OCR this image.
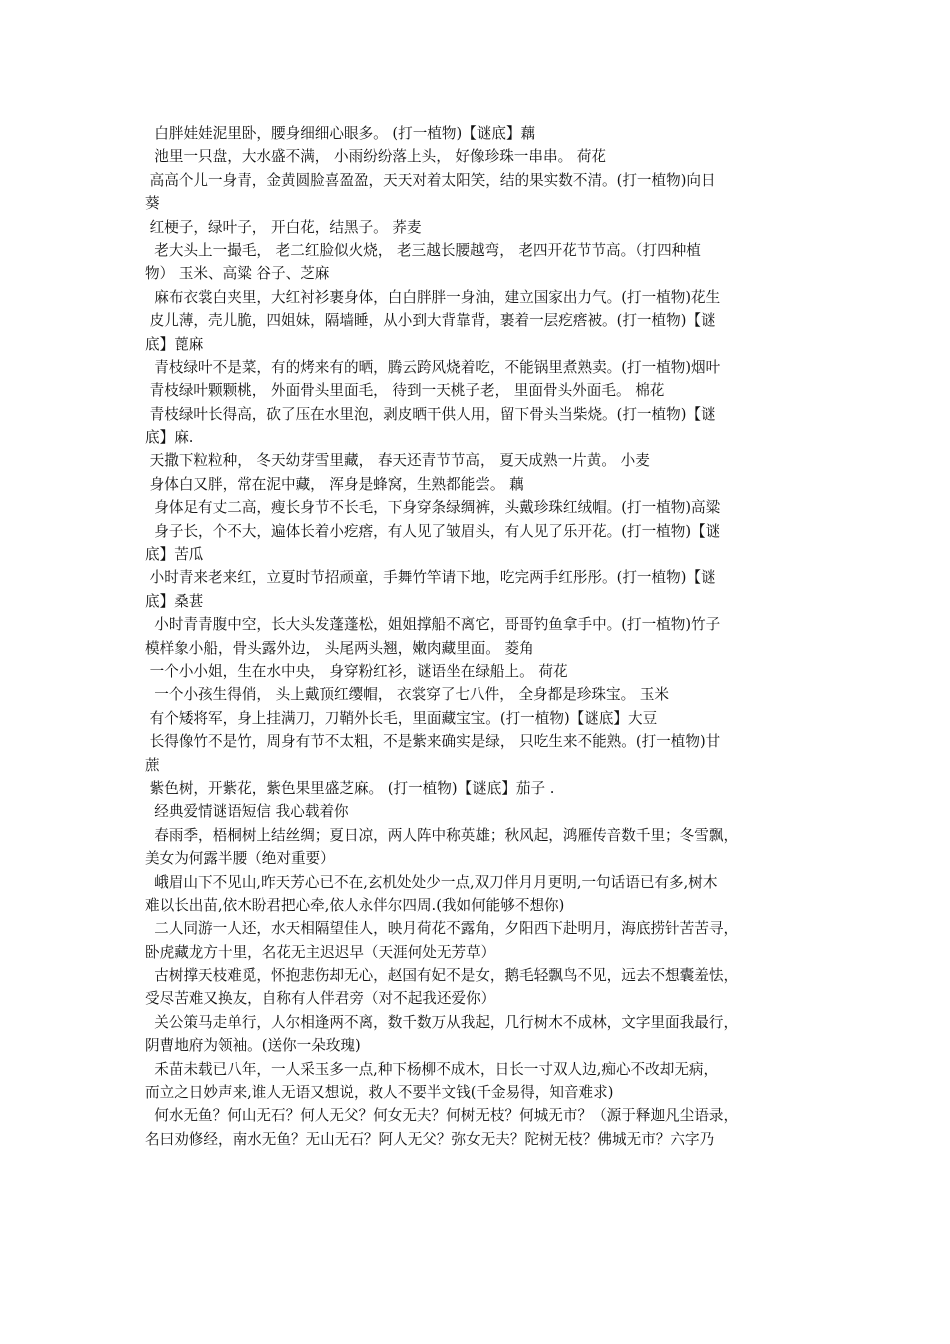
白胖娃娃泥里卧，腰身细细心眼多。 (打一植物)【谜底】藕
池里一只盘，大水盛不满， 小雨纷纷落上头， 好像珍珠一串串。 荷花
高高个儿一身青，金黄圆脸喜盈盈，天天对着太阳笑，结的果实数不清。(打一植物)向日
葵
红梗子，绿叶子， 开白花，结黑子。 荞麦
老大头上一撮毛， 老二红脸似火烧， 老三越长腰越弯， 老四开花节节高。（打四种植
物） 玉米、高粱 谷子、芝麻
麻布衣裳白夹里，大红衬衫裹身体，白白胖胖一身油，建立国家出力气。(打一植物)花生
皮儿薄，壳儿脆，四姐妹，隔墙睡，从小到大背靠背，裹着一层疙瘩被。(打一植物)【谜
底】蓖麻
青枝绿叶不是菜，有的烤来有的晒，腾云跨风烧着吃，不能锅里煮熟卖。(打一植物)烟叶
青枝绿叶颗颗桃， 外面骨头里面毛， 待到一天桃子老， 里面骨头外面毛。 棉花
青枝绿叶长得高，砍了压在水里泡，剥皮晒干供人用，留下骨头当柴烧。(打一植物)【谜
底】麻.
天撒下粒粒种， 冬天幼芽雪里藏， 春天还青节节高， 夏天成熟一片黄。 小麦
身体白又胖，常在泥中藏， 浑身是蜂窝，生熟都能尝。 藕
身体足有丈二高，瘦长身节不长毛，下身穿条绿绸裤，头戴珍珠红绒帽。(打一植物)高粱
身子长，个不大，遍体长着小疙瘩，有人见了皱眉头，有人见了乐开花。(打一植物)【谜
底】苦瓜
小时青来老来红，立夏时节招顽童，手舞竹竿请下地，吃完两手红彤彤。(打一植物)【谜
底】桑葚
小时青青腹中空，长大头发蓬蓬松，姐姐撑船不离它，哥哥钓鱼拿手中。(打一植物)竹子
模样象小船，骨头露外边， 头尾两头翘，嫩肉藏里面。 菱角
一个小小姐，生在水中央， 身穿粉红衫，谜语坐在绿船上。 荷花
一个小孩生得俏， 头上戴顶红缨帽， 衣裳穿了七八件， 全身都是珍珠宝。 玉米
有个矮将军，身上挂满刀，刀鞘外长毛，里面藏宝宝。(打一植物)【谜底】大豆
长得像竹不是竹，周身有节不太粗，不是紫来确实是绿， 只吃生来不能熟。(打一植物)甘
蔗
紫色树，开紫花，紫色果里盛芝麻。 (打一植物)【谜底】茄子 .
经典爱情谜语短信 我心载着你
春雨季，梧桐树上结丝绸；夏日凉，两人阵中称英雄；秋风起，鸿雁传音数千里；冬雪飘，
美女为何露半腰（绝对重要）
峨眉山下不见山,昨天芳心已不在,玄机处处少一点,双刀伴月月更明,一句话语已有多,树木
难以长出苗,依木盼君把心牵,依人永伴尔四周.(我如何能够不想你)
二人同游一人还，水天相隔望佳人，映月荷花不露角，夕阳西下赴明月，海底捞针苦苦寻，
卧虎藏龙方十里，名花无主迟迟早（天涯何处无芳草）
古树撑天枝难觅，怀抱悲伤却无心，赵国有妃不是女，鹅毛轻飘鸟不见，远去不想囊羞怯，
受尽苦难又换友，自称有人伴君旁（对不起我还爱你）
关公策马走单行，人尔相逢两不离，数千数万从我起，几行树木不成林，文字里面我最行，
阴曹地府为领袖。(送你一朵玫瑰)
禾苗未载已八年，一人采玉多一点,种下杨柳不成木，日长一寸双人边,痴心不改却无病，
而立之日妙声来,谁人无语又想说，救人不要半文钱(千金易得，知音难求)
何水无鱼？何山无石？何人无父？何女无夫？何树无枝？何城无市？（源于释迦凡尘语录，
名曰劝修经，南水无鱼？无山无石？阿人无父？弥女无夫？陀树无枝？佛城无市？六字乃
